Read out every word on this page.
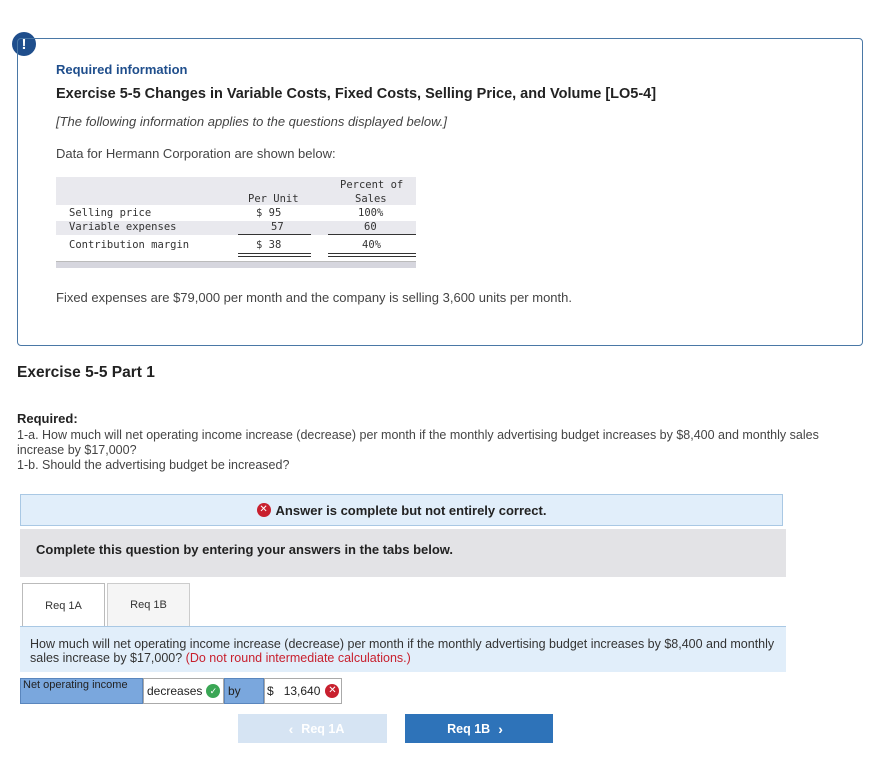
!
Required information
Exercise 5-5 Changes in Variable Costs, Fixed Costs, Selling Price, and Volume [LO5-4]
[The following information applies to the questions displayed below.]
Data for Hermann Corporation are shown below:
Per Unit
Percent of
Sales
Selling price	$ 95	100%
Variable expenses	57	60
Contribution margin	$ 38	40%
Fixed expenses are $79,000 per month and the company is selling 3,600 units per month.
Exercise 5-5 Part 1
Required:
1-a. How much will net operating income increase (decrease) per month if the monthly advertising budget increases by $8,400 and monthly sales increase by $17,000?
1-b. Should the advertising budget be increased?
✕ Answer is complete but not entirely correct.
Complete this question by entering your answers in the tabs below.
Req 1A	Req 1B
How much will net operating income increase (decrease) per month if the monthly advertising budget increases by $8,400 and monthly sales increase by $17,000? (Do not round intermediate calculations.)
Net operating income	decreases ✓ by	$ 13,640 ✕
‹ Req 1A	Req 1B ›
